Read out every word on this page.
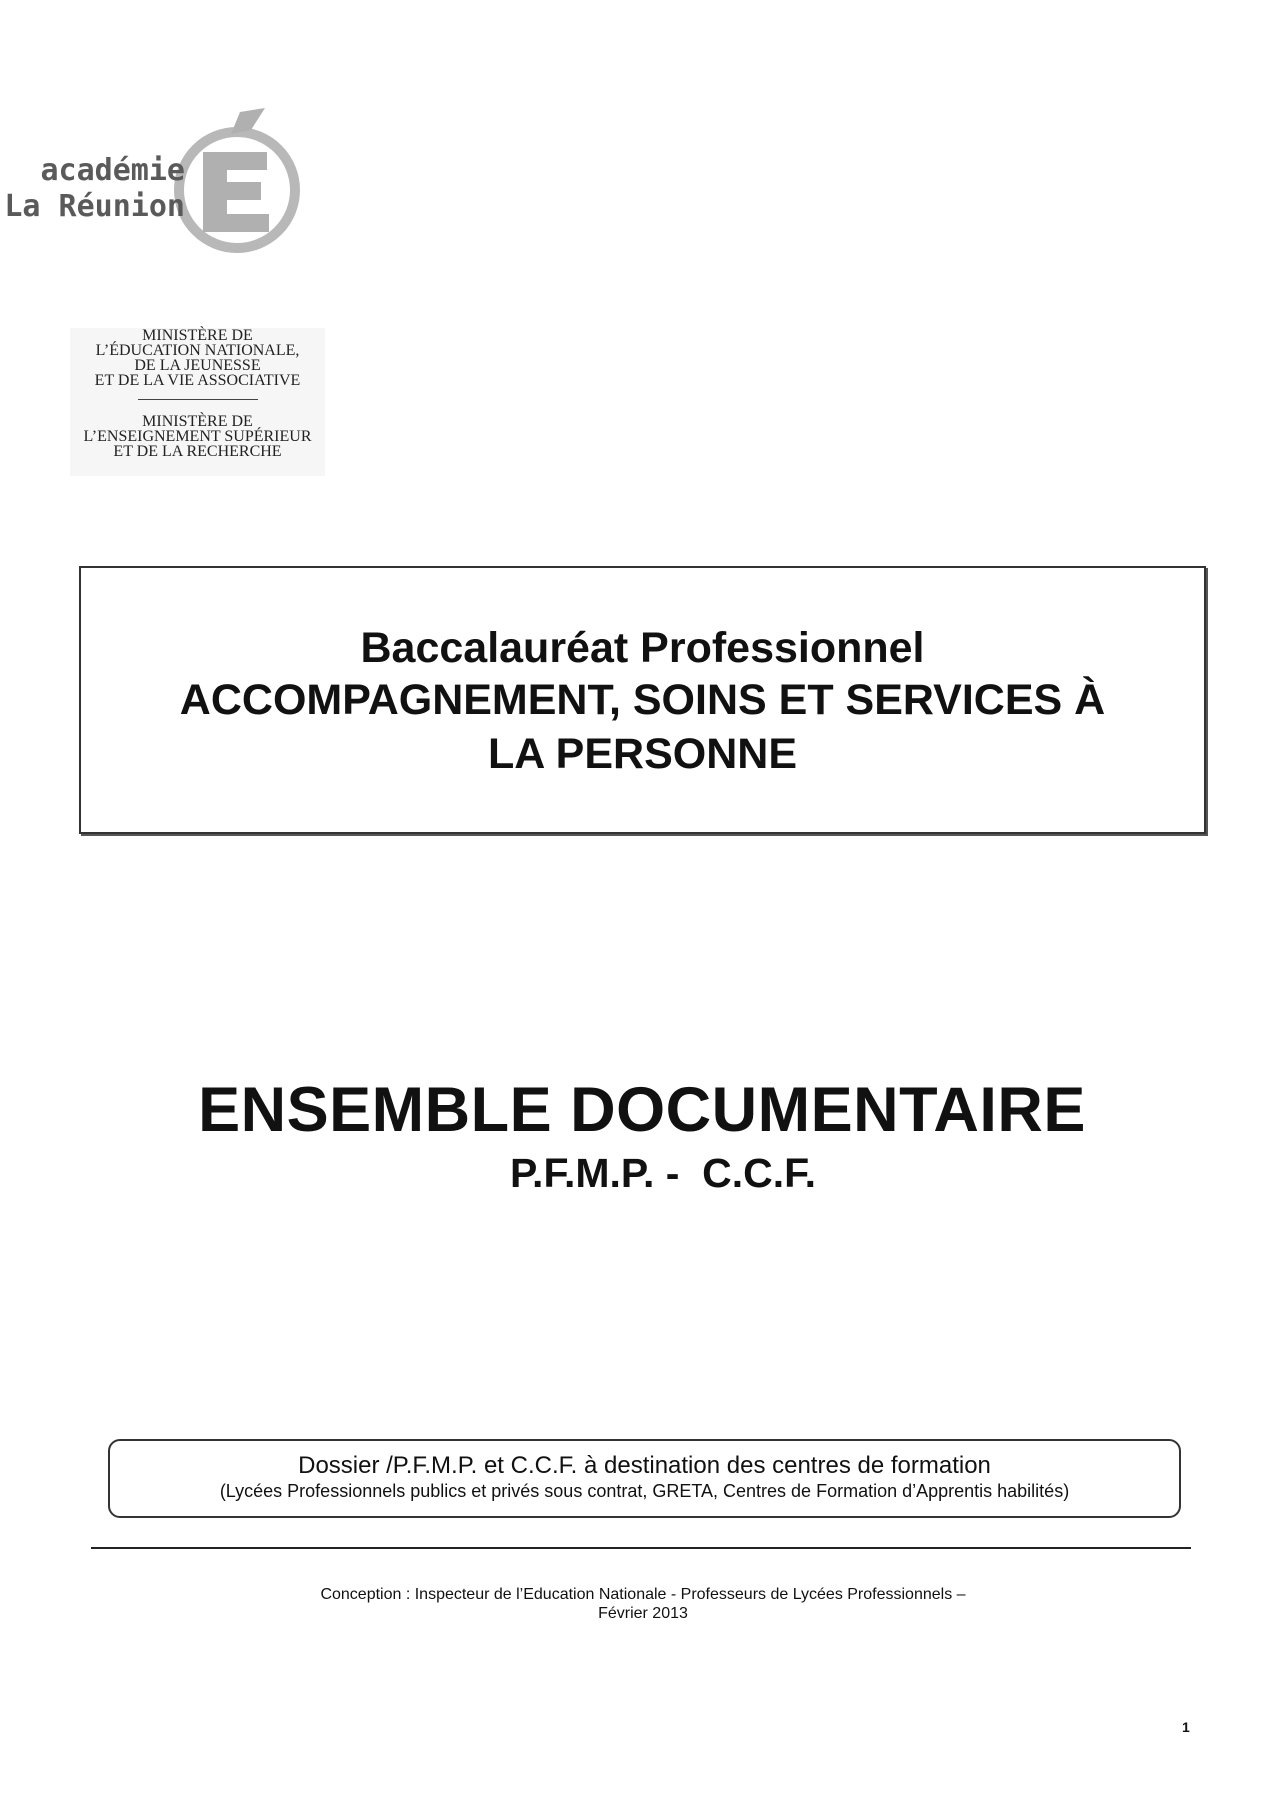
académie
La Réunion
MINISTÈRE DE
L’ÉDUCATION NATIONALE,
DE LA JEUNESSE
ET DE LA VIE ASSOCIATIVE
MINISTÈRE DE
L’ENSEIGNEMENT SUPÉRIEUR
ET DE LA RECHERCHE
Baccalauréat Professionnel
ACCOMPAGNEMENT, SOINS ET SERVICES À
LA PERSONNE
ENSEMBLE DOCUMENTAIRE
P.F.M.P. -  C.C.F.
Dossier /P.F.M.P. et C.C.F. à destination des centres de formation
(Lycées Professionnels publics et privés sous contrat, GRETA, Centres de Formation d’Apprentis habilités)
Conception : Inspecteur de l’Education Nationale - Professeurs de Lycées Professionnels –
Février 2013
1
